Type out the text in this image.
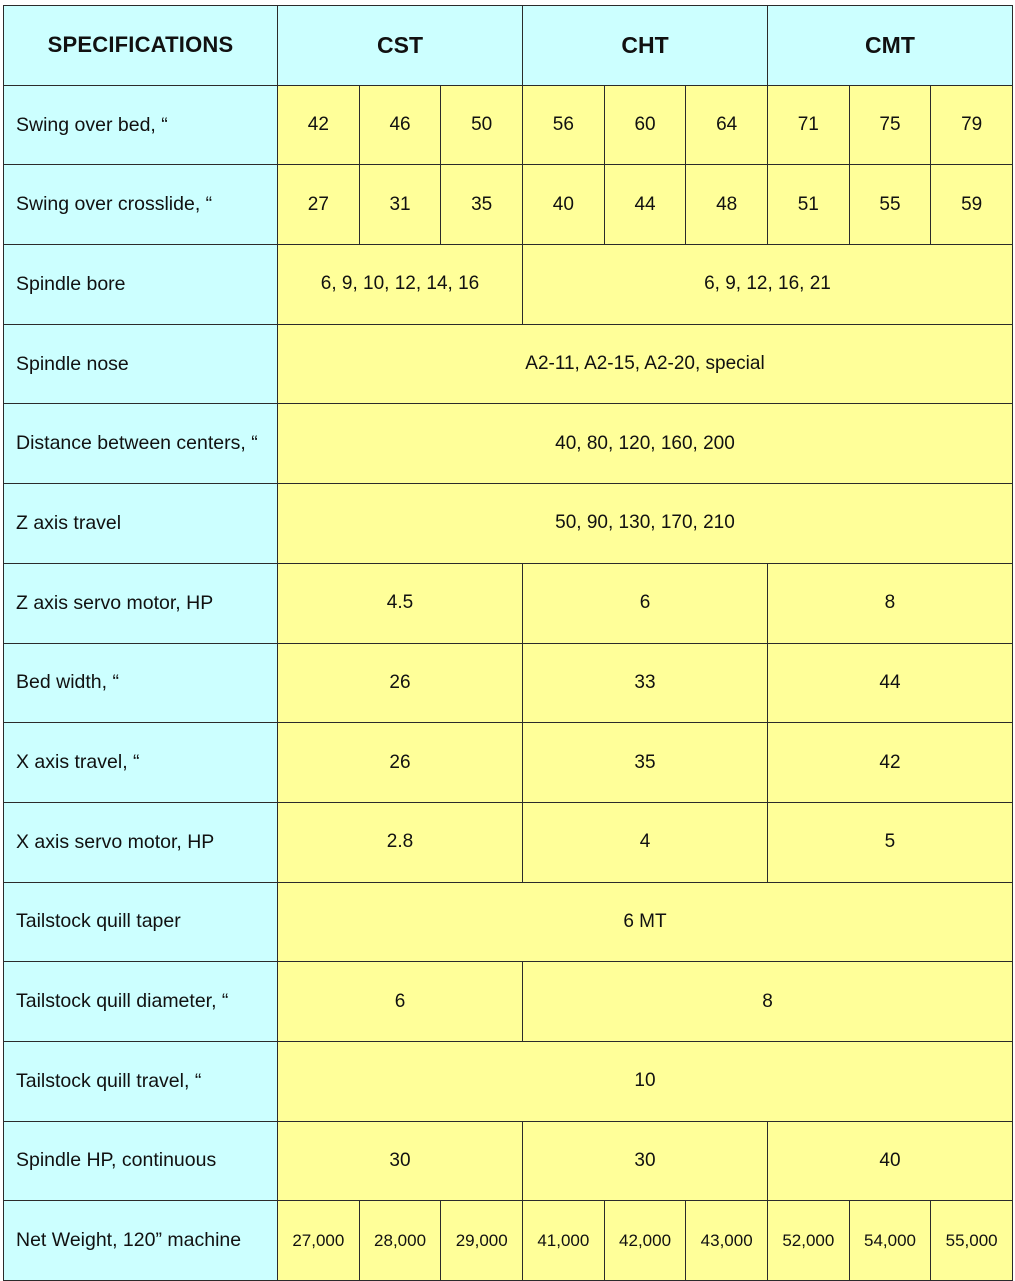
SPECIFICATIONS	CST			CHT			CMT		
Swing over bed, “	42	46	50	56	60	64	71	75	79
Swing over crosslide, “	27	31	35	40	44	48	51	55	59
Spindle bore	6, 9, 10, 12, 14, 16			6, 9, 12, 16, 21					
Spindle nose	A2-11, A2-15, A2-20, special								
Distance between centers, “	40, 80, 120, 160, 200								
Z axis travel	50, 90, 130, 170, 210								
Z axis servo motor, HP	4.5			6			8		
Bed width, “	26			33			44		
X axis travel, “	26			35			42		
X axis servo motor, HP	2.8			4			5		
Tailstock quill taper	6 MT								
Tailstock quill diameter, “	6			8					
Tailstock quill travel, “	10								
Spindle HP, continuous	30			30			40		
Net Weight, 120” machine	27,000	28,000	29,000	41,000	42,000	43,000	52,000	54,000	55,000
